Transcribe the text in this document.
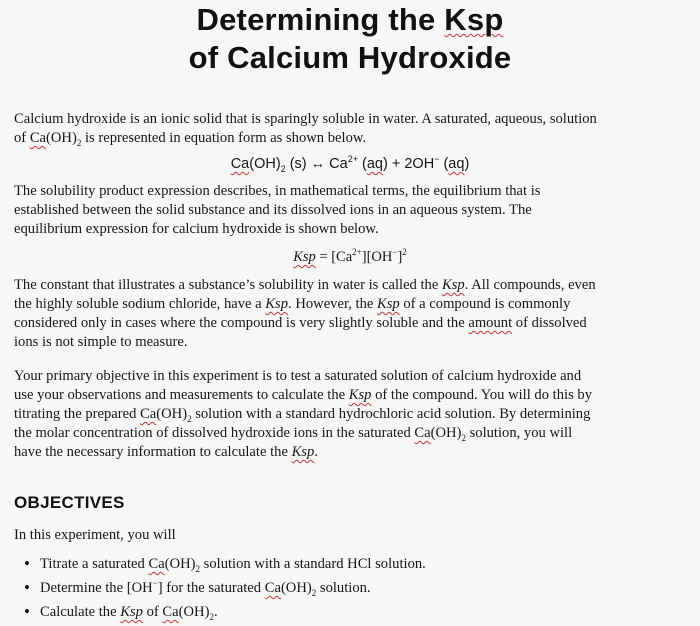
Determining the Ksp
of Calcium Hydroxide

Calcium hydroxide is an ionic solid that is sparingly soluble in water. A saturated, aqueous, solution

of $Ca(OH)_2$ is represented in equation form as shown below.

$Ca(OH)_2$ (s) ↔ $Ca^{2+}$ (aq) + 2OH− (aq)

The solubility product expression describes, in mathematical terms, the equilibrium that is

established between the solid substance and its dissolved ions in an aqueous system. The

equilibrium expression for calcium hydroxide is shown below.

Ksp = $[Ca^{2+}][OH^-]^2$

The constant that illustrates a substance’s solubility in water is called the Ksp. All compounds, even

the highly soluble sodium chloride, have a Ksp. However, the Ksp of a compound is commonly

considered only in cases where the compound is very slightly soluble and the amount of dissolved

ions is not simple to measure.

Your primary objective in this experiment is to test a saturated solution of calcium hydroxide and

use your observations and measurements to calculate the Ksp of the compound. You will do this by

titrating the prepared $Ca(OH)_2$ solution with a standard hydrochloric acid solution. By determining

the molar concentration of dissolved hydroxide ions in the saturated $Ca(OH)_2$ solution, you will

have the necessary information to calculate the Ksp.

OBJECTIVES
In this experiment, you will
• Titrate a saturated $Ca(OH)_2$ solution with a standard HCl solution.
• Determine the [OH−] for the saturated $Ca(OH)_2$ solution.
• Calculate the Ksp of $Ca(OH)_2$.
